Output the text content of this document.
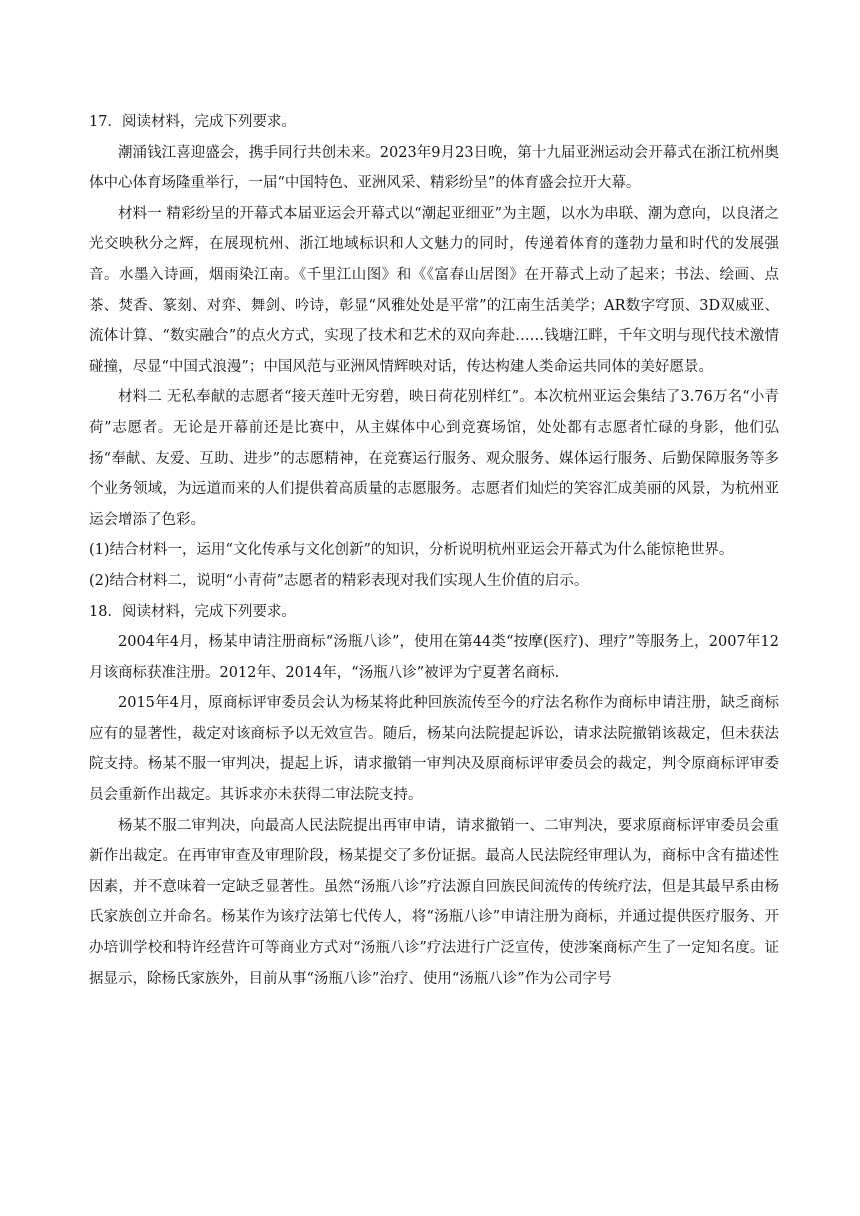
17．阅读材料，完成下列要求。

潮涌钱江喜迎盛会，携手同行共创未来。2023年9月23日晚，第十九届亚洲运动会开幕式在浙江杭州奥体中心体育场隆重举行，一届“中国特色、亚洲风采、精彩纷呈”的体育盛会拉开大幕。

材料一 精彩纷呈的开幕式本届亚运会开幕式以“潮起亚细亚”为主题，以水为串联、潮为意向，以良渚之光交映秋分之辉，在展现杭州、浙江地域标识和人文魅力的同时，传递着体育的蓬勃力量和时代的发展强音。水墨入诗画，烟雨染江南。《千里江山图》和《《富春山居图》在开幕式上动了起来；书法、绘画、点茶、焚香、篆刻、对弈、舞剑、吟诗，彰显“风雅处处是平常”的江南生活美学；AR数字穹顶、3D双威亚、流体计算、“数实融合”的点火方式，实现了技术和艺术的双向奔赴……钱塘江畔，千年文明与现代技术激情碰撞，尽显“中国式浪漫”；中国风范与亚洲风情辉映对话，传达构建人类命运共同体的美好愿景。

材料二 无私奉献的志愿者“接天莲叶无穷碧，映日荷花别样红”。本次杭州亚运会集结了3.76万名“小青荷”志愿者。无论是开幕前还是比赛中，从主媒体中心到竞赛场馆，处处都有志愿者忙碌的身影，他们弘扬“奉献、友爱、互助、进步”的志愿精神，在竞赛运行服务、观众服务、媒体运行服务、后勤保障服务等多个业务领域，为远道而来的人们提供着高质量的志愿服务。志愿者们灿烂的笑容汇成美丽的风景，为杭州亚运会增添了色彩。

(1)结合材料一，运用“文化传承与文化创新”的知识，分析说明杭州亚运会开幕式为什么能惊艳世界。

(2)结合材料二，说明“小青荷”志愿者的精彩表现对我们实现人生价值的启示。

18．阅读材料，完成下列要求。

2004年4月，杨某申请注册商标“汤瓶八诊”，使用在第44类“按摩(医疗)、理疗”等服务上，2007年12月该商标获准注册。2012年、2014年，“汤瓶八诊”被评为宁夏著名商标.

2015年4月，原商标评审委员会认为杨某将此种回族流传至今的疗法名称作为商标申请注册，缺乏商标应有的显著性，裁定对该商标予以无效宣告。随后，杨某向法院提起诉讼，请求法院撤销该裁定，但未获法院支持。杨某不服一审判决，提起上诉，请求撤销一审判决及原商标评审委员会的裁定，判令原商标评审委员会重新作出裁定。其诉求亦未获得二审法院支持。

杨某不服二审判决，向最高人民法院提出再审申请，请求撤销一、二审判决，要求原商标评审委员会重新作出裁定。在再审审查及审理阶段，杨某提交了多份证据。最高人民法院经审理认为，商标中含有描述性因素，并不意味着一定缺乏显著性。虽然“汤瓶八诊”疗法源自回族民间流传的传统疗法，但是其最早系由杨氏家族创立并命名。杨某作为该疗法第七代传人，将“汤瓶八诊”申请注册为商标，并通过提供医疗服务、开办培训学校和特许经营许可等商业方式对“汤瓶八诊”疗法进行广泛宣传，使涉案商标产生了一定知名度。证据显示，除杨氏家族外，目前从事“汤瓶八诊”治疗、使用“汤瓶八诊”作为公司字号
